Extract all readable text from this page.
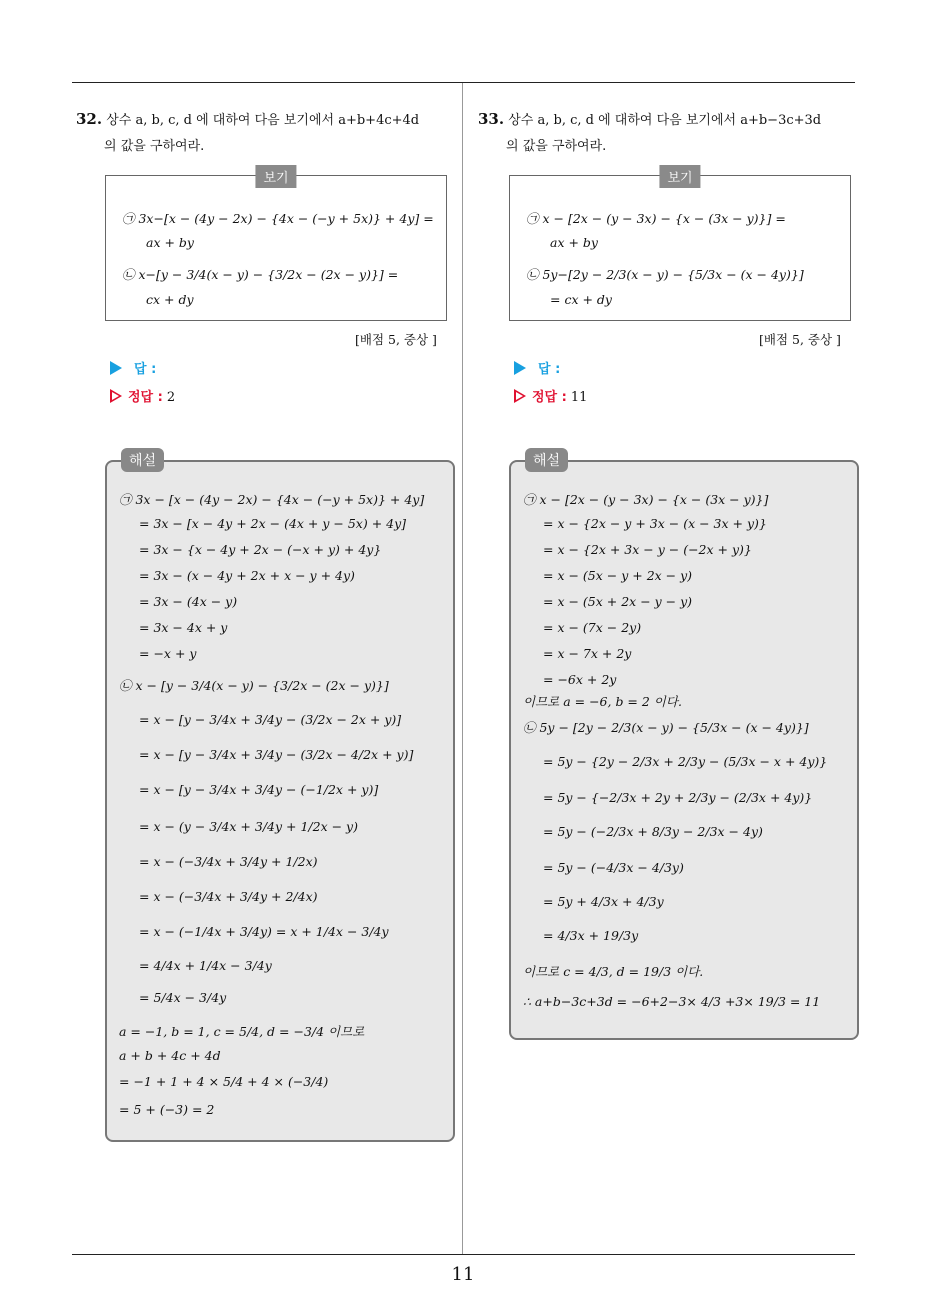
11
32. 상수 a, b, c, d 에 대하여 다음 보기에서 a+b+4c+4d
의 값을 구하여라.
보기
㉠ 3x−[x − (4y − 2x) − {4x − (−y + 5x)} + 4y] =
ax + by
㉡ x−[y − 3/4(x − y) − {3/2x − (2x − y)}] =
cx + dy
[배점 5, 중상 ]
답 :
정답 : 2
해설
㉠ 3x − [x − (4y − 2x) − {4x − (−y + 5x)} + 4y]
= 3x − [x − 4y + 2x − (4x + y − 5x) + 4y]
= 3x − {x − 4y + 2x − (−x + y) + 4y}
= 3x − (x − 4y + 2x + x − y + 4y)
= 3x − (4x − y)
= 3x − 4x + y
= −x + y
㉡ x − [y − 3/4(x − y) − {3/2x − (2x − y)}]
= x − [y − 3/4x + 3/4y − (3/2x − 2x + y)]
= x − [y − 3/4x + 3/4y − (3/2x − 4/2x + y)]
= x − [y − 3/4x + 3/4y − (−1/2x + y)]
= x − (y − 3/4x + 3/4y + 1/2x − y)
= x − (−3/4x + 3/4y + 1/2x)
= x − (−3/4x + 3/4y + 2/4x)
= x − (−1/4x + 3/4y) = x + 1/4x − 3/4y
= 4/4x + 1/4x − 3/4y
= 5/4x − 3/4y
a = −1, b = 1, c = 5/4, d = −3/4 이므로
a + b + 4c + 4d
= −1 + 1 + 4 × 5/4 + 4 × (−3/4)
= 5 + (−3) = 2
33. 상수 a, b, c, d 에 대하여 다음 보기에서 a+b−3c+3d
의 값을 구하여라.
보기
㉠ x − [2x − (y − 3x) − {x − (3x − y)}] =
ax + by
㉡ 5y−[2y − 2/3(x − y) − {5/3x − (x − 4y)}]
= cx + dy
[배점 5, 중상 ]
답 :
정답 : 11
해설
㉠ x − [2x − (y − 3x) − {x − (3x − y)}]
= x − {2x − y + 3x − (x − 3x + y)}
= x − {2x + 3x − y − (−2x + y)}
= x − (5x − y + 2x − y)
= x − (5x + 2x − y − y)
= x − (7x − 2y)
= x − 7x + 2y
= −6x + 2y
이므로 a = −6, b = 2 이다.
㉡ 5y − [2y − 2/3(x − y) − {5/3x − (x − 4y)}]
= 5y − {2y − 2/3x + 2/3y − (5/3x − x + 4y)}
= 5y − {−2/3x + 2y + 2/3y − (2/3x + 4y)}
= 5y − (−2/3x + 8/3y − 2/3x − 4y)
= 5y − (−4/3x − 4/3y)
= 5y + 4/3x + 4/3y
= 4/3x + 19/3y
이므로 c = 4/3, d = 19/3 이다.
∴ a+b−3c+3d = −6+2−3× 4/3 +3× 19/3 = 11
